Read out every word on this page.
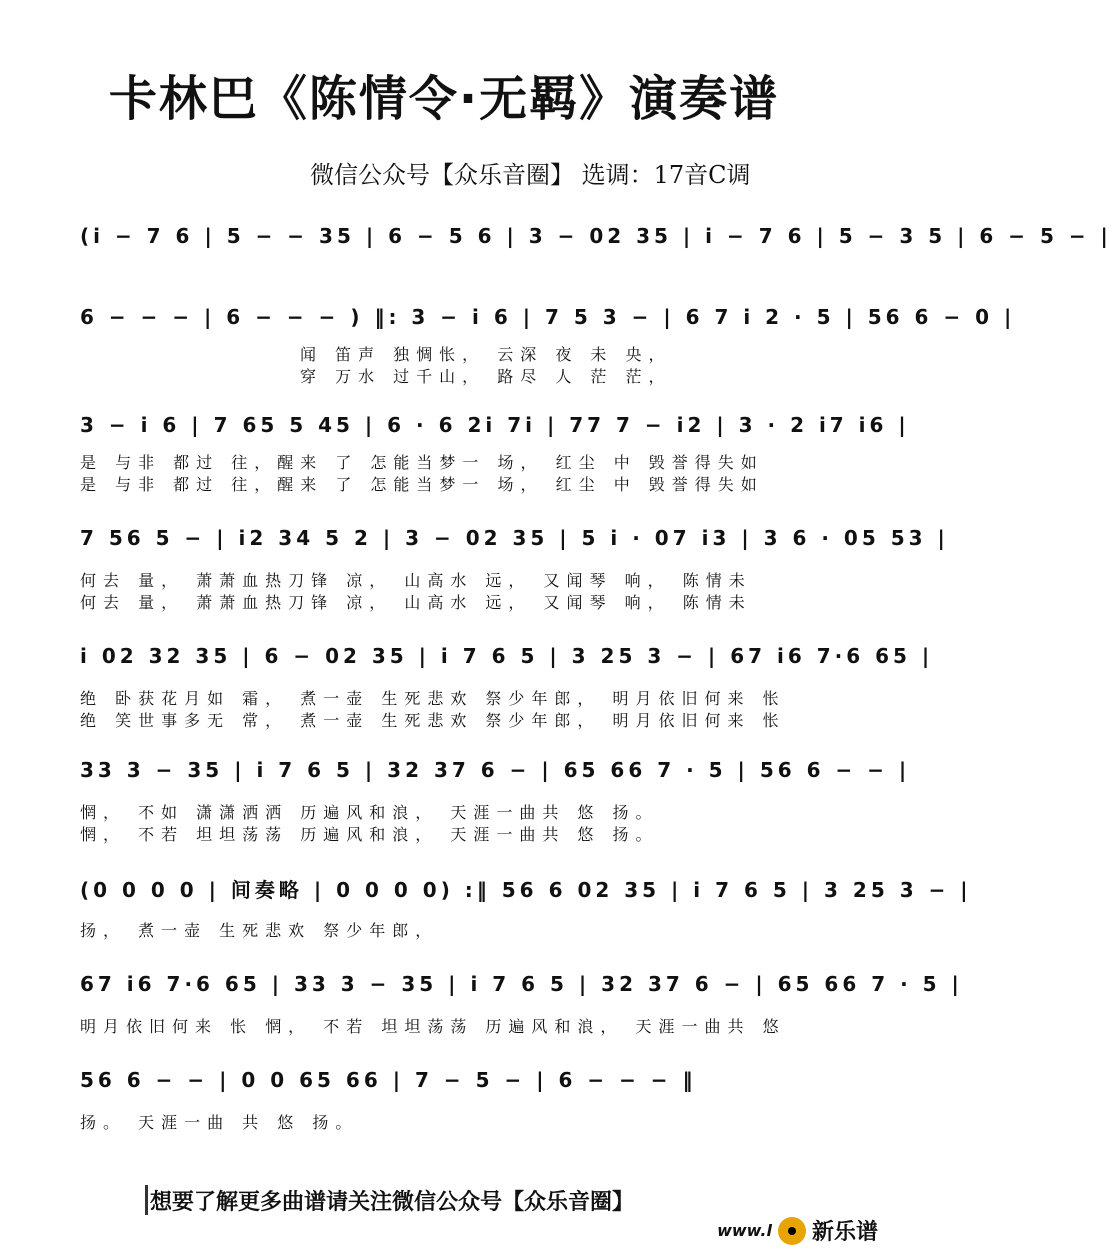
卡林巴《陈情令·无羁》演奏谱
微信公众号【众乐音圈】 选调：17音C调
(i̇ − 7 6 | 5 − − 35 | 6 − 5 6 | 3 − 02 35 | i̇ − 7 6 | 5 − 3 5 | 6 − 5 − |
6 − − − | 6 − − − ) ‖: 3 − i 6 | 7 5 3 − | 6 7 i 2 · 5 | 56 6 − 0 |
闻 笛声 独惆怅， 云深 夜 未 央，
穿 万水 过千山， 路尽 人 茫 茫，
3 − i 6 | 7 65 5 45 | 6 · 6 2i 7i | 77 7 − i2 | 3 · 2 i7 i6 |
是 与非 都过 往，醒来 了 怎能当梦一 场， 红尘 中 毁誉得失如
是 与非 都过 往，醒来 了 怎能当梦一 场， 红尘 中 毁誉得失如
7 56 5 − | i2 34 5 2 | 3 − 02 35 | 5 i · 07 i3 | 3 6 · 05 53 |
何去 量， 萧萧血热刀锋 凉， 山高水 远， 又闻琴 响， 陈情未
何去 量， 萧萧血热刀锋 凉， 山高水 远， 又闻琴 响， 陈情未
i 02 32 35 | 6 − 02 35 | i 7 6 5 | 3 25 3 − | 67 i6 7·6 65 |
绝 卧获花月如 霜， 煮一壶 生死悲欢 祭少年郎， 明月依旧何来 怅
绝 笑世事多无 常， 煮一壶 生死悲欢 祭少年郎， 明月依旧何来 怅
33 3 − 35 | i 7 6 5 | 32 37 6 − | 65 66 7 · 5 | 56 6 − − |
惘， 不如 潇潇洒洒 历遍风和浪， 天涯一曲共 悠 扬。
惘， 不若 坦坦荡荡 历遍风和浪， 天涯一曲共 悠 扬。
(0 0 0 0 | 间奏略 | 0 0 0 0) :‖ 56 6 02 35 | i 7 6 5 | 3 25 3 − |
扬， 煮一壶 生死悲欢 祭少年郎，
67 i6 7·6 65 | 33 3 − 35 | i 7 6 5 | 32 37 6 − | 65 66 7 · 5 |
明月依旧何来 怅 惘， 不若 坦坦荡荡 历遍风和浪， 天涯一曲共 悠
56 6 − − | 0 0 65 66 | 7 − 5 − | 6 − − − ‖
扬。 天涯一曲 共 悠 扬。
想要了解更多曲谱请关注微信公众号【众乐音圈】
www.l 新乐谱
